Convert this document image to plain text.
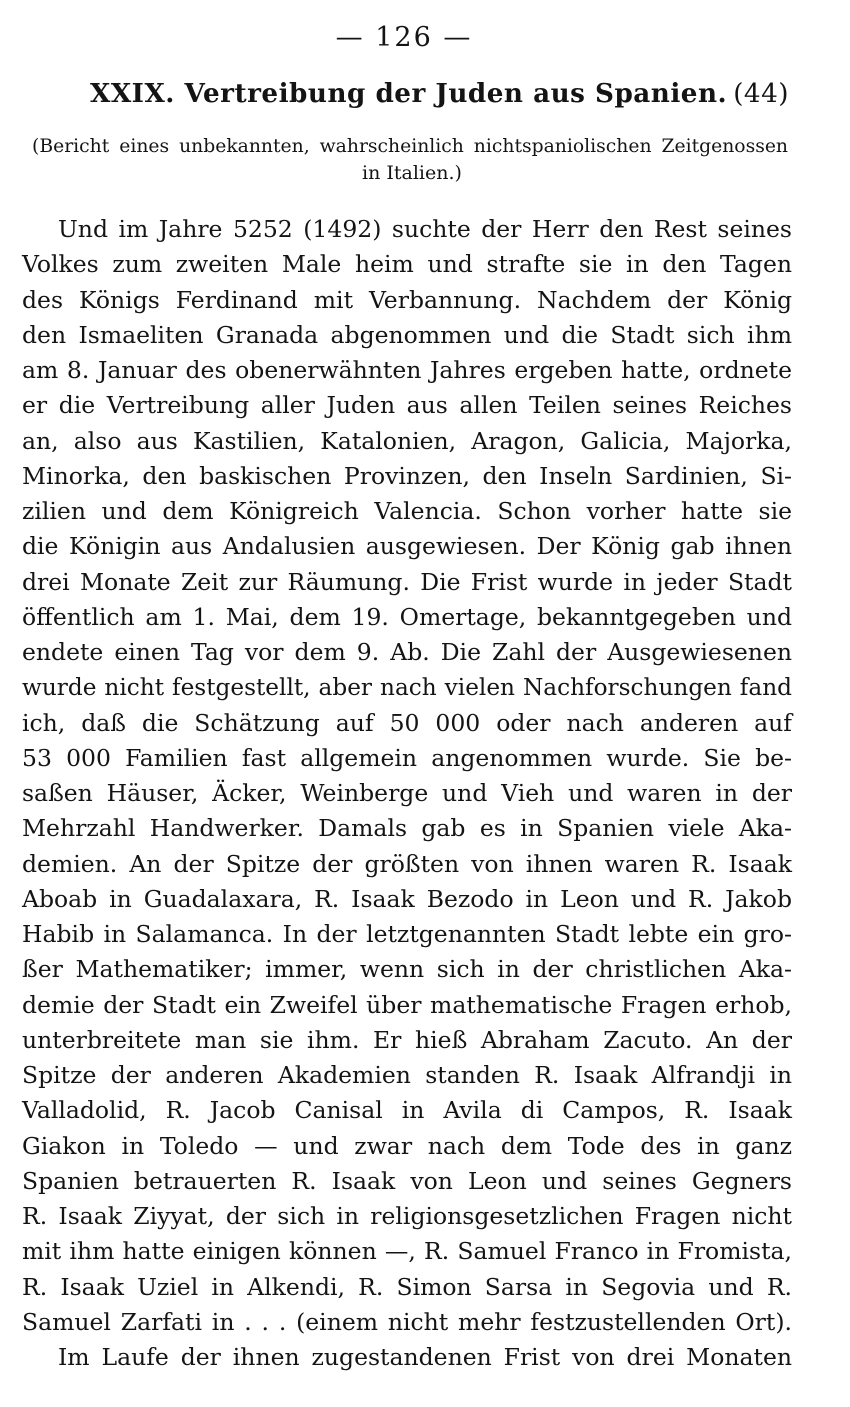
— 126 —
XXIX. Vertreibung der Juden aus Spanien. (44)
(Bericht eines unbekannten, wahrscheinlich nichtspaniolischen Zeitgenossen
in Italien.)
Und im Jahre 5252 (1492) suchte der Herr den Rest seines
Volkes zum zweiten Male heim und strafte sie in den Tagen
des Königs Ferdinand mit Verbannung. Nachdem der König
den Ismaeliten Granada abgenommen und die Stadt sich ihm
am 8. Januar des obenerwähnten Jahres ergeben hatte, ordnete
er die Vertreibung aller Juden aus allen Teilen seines Reiches
an, also aus Kastilien, Katalonien, Aragon, Galicia, Majorka,
Minorka, den baskischen Provinzen, den Inseln Sardinien, Si-
zilien und dem Königreich Valencia. Schon vorher hatte sie
die Königin aus Andalusien ausgewiesen. Der König gab ihnen
drei Monate Zeit zur Räumung. Die Frist wurde in jeder Stadt
öffentlich am 1. Mai, dem 19. Omertage, bekanntgegeben und
endete einen Tag vor dem 9. Ab. Die Zahl der Ausgewiesenen
wurde nicht festgestellt, aber nach vielen Nachforschungen fand
ich, daß die Schätzung auf 50 000 oder nach anderen auf
53 000 Familien fast allgemein angenommen wurde. Sie be-
saßen Häuser, Äcker, Weinberge und Vieh und waren in der
Mehrzahl Handwerker. Damals gab es in Spanien viele Aka-
demien. An der Spitze der größten von ihnen waren R. Isaak
Aboab in Guadalaxara, R. Isaak Bezodo in Leon und R. Jakob
Habib in Salamanca. In der letztgenannten Stadt lebte ein gro-
ßer Mathematiker; immer, wenn sich in der christlichen Aka-
demie der Stadt ein Zweifel über mathematische Fragen erhob,
unterbreitete man sie ihm. Er hieß Abraham Zacuto. An der
Spitze der anderen Akademien standen R. Isaak Alfrandji in
Valladolid, R. Jacob Canisal in Avila di Campos, R. Isaak
Giakon in Toledo — und zwar nach dem Tode des in ganz
Spanien betrauerten R. Isaak von Leon und seines Gegners
R. Isaak Ziyyat, der sich in religionsgesetzlichen Fragen nicht
mit ihm hatte einigen können —, R. Samuel Franco in Fromista,
R. Isaak Uziel in Alkendi, R. Simon Sarsa in Segovia und R.
Samuel Zarfati in . . . (einem nicht mehr festzustellenden Ort).
Im Laufe der ihnen zugestandenen Frist von drei Monaten
